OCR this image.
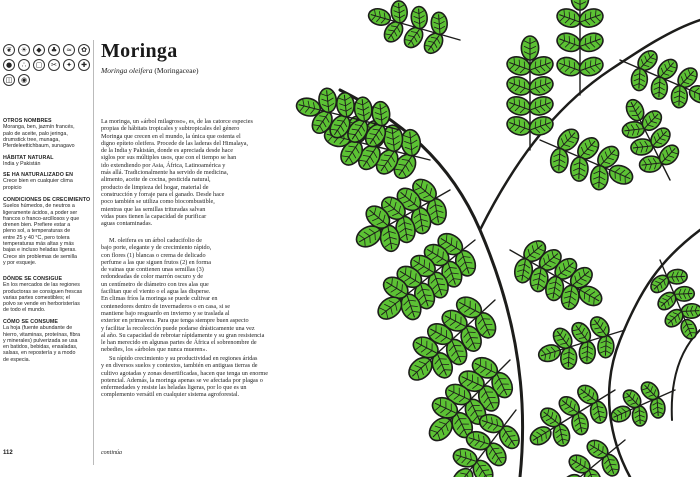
❦	☀	◆	♣	≈	✿
●	∴	▢	✂	✦	✚
◫	◉
OTROS NOMBRES
Moranga, ben, jazmín francés,
palo de aceite, palo jeringa,
drumstick tree, munaga,
Pferdeleettichbaum, sunagavo
HÁBITAT NATURAL
India y Pakistán
SE HA NATURALIZADO EN
Crece bien en cualquier clima
propicio
CONDICIONES DE CRECIMIENTO
Suelos húmedos, de neutros a
ligeramente ácidos, a poder ser
francos o franco-arcillosos y que
drenen bien. Prefiere estar a
pleno sol, a temperaturas de
entre 25 y 40 °C, pero tolera
temperaturas más altas y más
bajas e incluso heladas ligeras.
Crece sin problemas de semilla
y por esqueje.
DÓNDE SE CONSIGUE
En los mercados de las regiones
productoras se consiguen frescas
varias partes comestibles; el
polvo se vende en herboristerías
de todo el mundo.
CÓMO SE CONSUME
La hoja (fuente abundante de
hierro, vitaminas, proteínas, fibra
y minerales) pulverizada se usa
en batidos, bebidas, ensaladas,
salsas, en repostería y a modo
de especia.
112
Moringa
Moringa oleifera (Moringaceae)
La moringa, un «árbol milagroso», es, de las catorce especies
propias de hábitats tropicales y subtropicales del género
Moringa que crecen en el mundo, la única que ostenta el
digno epíteto oleifera. Procede de las laderas del Himalaya,
de la India y Pakistán, donde es apreciada desde hace
siglos por sus múltiples usos, que con el tiempo se han
ido extendiendo por Asia, África, Latinoamérica y
más allá. Tradicionalmente ha servido de medicina,
alimento, aceite de cocina, pesticida natural,
producto de limpieza del hogar, material de
construcción y forraje para el ganado. Desde hace
poco también se utiliza como biocombustible,
mientras que las semillas trituradas salvan
vidas pues tienen la capacidad de purificar
aguas contaminadas.
M. oleifera es un árbol caducifolio de
bajo porte, elegante y de crecimiento rápido,
con flores (1) blancas o crema de delicado
perfume a las que siguen frutos (2) en forma
de vainas que contienen unas semillas (3)
redondeadas de color marrón oscuro y de
un centímetro de diámetro con tres alas que
facilitan que el viento o el agua las disperse.
En climas fríos la moringa se puede cultivar en
contenedores dentro de invernaderos o en casa, si se
mantiene bajo resguardo en invierno y se traslada al
exterior en primavera. Para que tenga siempre buen aspecto
y facilitar la recolección puede podarse drásticamente una vez
al año. Su capacidad de rebrotar rápidamente y su gran resistencia
le han merecido en algunas partes de África el sobrenombre de
nebedies, los «árboles que nunca mueren».
Su rápido crecimiento y su productividad en regiones áridas
y en diversos suelos y contextos, también en antiguas tierras de
cultivo agotadas y zonas desertificadas, hacen que tenga un enorme
potencial. Además, la moringa apenas se ve afectada por plagas o
enfermedades y resiste las heladas ligeras, por lo que es un
complemento versátil en cualquier sistema agroforestal.
continúa
